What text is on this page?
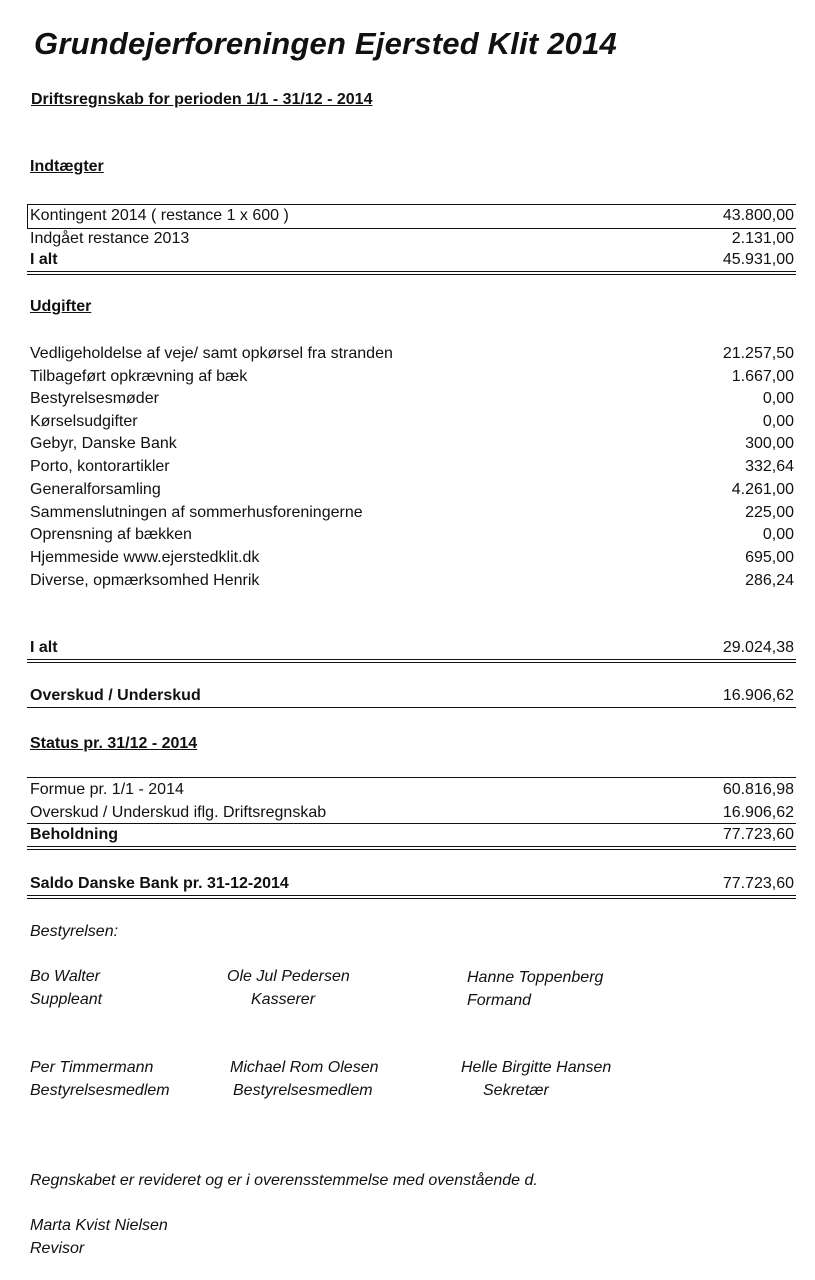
Grundejerforeningen Ejersted Klit 2014
Driftsregnskab for perioden 1/1 - 31/12 - 2014
Indtægter
Kontingent 2014 ( restance 1 x 600 )	43.800,00
Indgået restance 2013	2.131,00
I alt	45.931,00
Udgifter
Vedligeholdelse af veje/ samt opkørsel fra stranden	21.257,50
Tilbageført opkrævning af bæk	1.667,00
Bestyrelsesmøder	0,00
Kørselsudgifter	0,00
Gebyr, Danske Bank	300,00
Porto, kontorartikler	332,64
Generalforsamling	4.261,00
Sammenslutningen af sommerhusforeningerne	225,00
Oprensning af bækken	0,00
Hjemmeside www.ejerstedklit.dk	695,00
Diverse, opmærksomhed Henrik	286,24
I alt	29.024,38
Overskud / Underskud	16.906,62
Status pr. 31/12 - 2014
Formue pr. 1/1 - 2014	60.816,98
Overskud / Underskud iflg. Driftsregnskab	16.906,62
Beholdning	77.723,60
Saldo Danske Bank pr. 31-12-2014	77.723,60
Bestyrelsen:
Bo Walter
Suppleant
Ole Jul Pedersen
Kasserer
Hanne Toppenberg
Formand
Per Timmermann
Bestyrelsesmedlem
Michael Rom Olesen
Bestyrelsesmedlem
Helle Birgitte Hansen
Sekretær
Regnskabet er revideret og er i overensstemmelse med ovenstående d.
Marta Kvist Nielsen
Revisor
